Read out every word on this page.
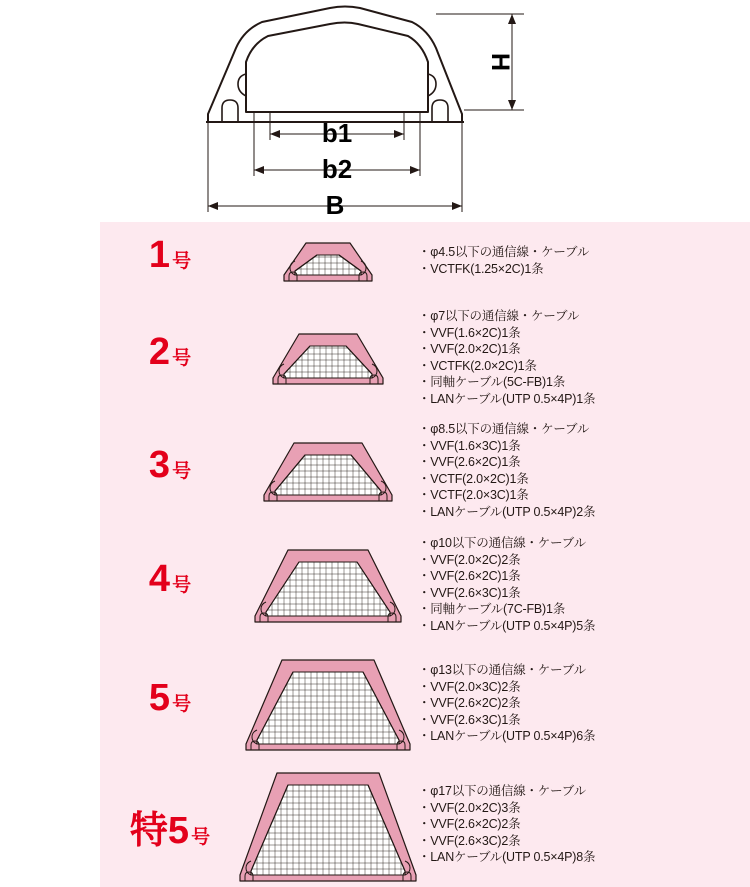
H
b1
b2
B
1 号	・φ4.5以下の通信線・ケーブル
・VCTFK(1.25×2C)1条
2 号
・φ7以下の通信線・ケーブル
・VVF(1.6×2C)1条
・VVF(2.0×2C)1条
・VCTFK(2.0×2C)1条
・同軸ケーブル(5C-FB)1条
・LANケーブル(UTP 0.5×4P)1条
3 号
・φ8.5以下の通信線・ケーブル
・VVF(1.6×3C)1条
・VVF(2.6×2C)1条
・VCTF(2.0×2C)1条
・VCTF(2.0×3C)1条
・LANケーブル(UTP 0.5×4P)2条
4 号
・φ10以下の通信線・ケーブル
・VVF(2.0×2C)2条
・VVF(2.6×2C)1条
・VVF(2.6×3C)1条
・同軸ケーブル(7C-FB)1条
・LANケーブル(UTP 0.5×4P)5条
5 号
・φ13以下の通信線・ケーブル
・VVF(2.0×3C)2条
・VVF(2.6×2C)2条
・VVF(2.6×3C)1条
・LANケーブル(UTP 0.5×4P)6条
特5 号
・φ17以下の通信線・ケーブル
・VVF(2.0×2C)3条
・VVF(2.6×2C)2条
・VVF(2.6×3C)2条
・LANケーブル(UTP 0.5×4P)8条
